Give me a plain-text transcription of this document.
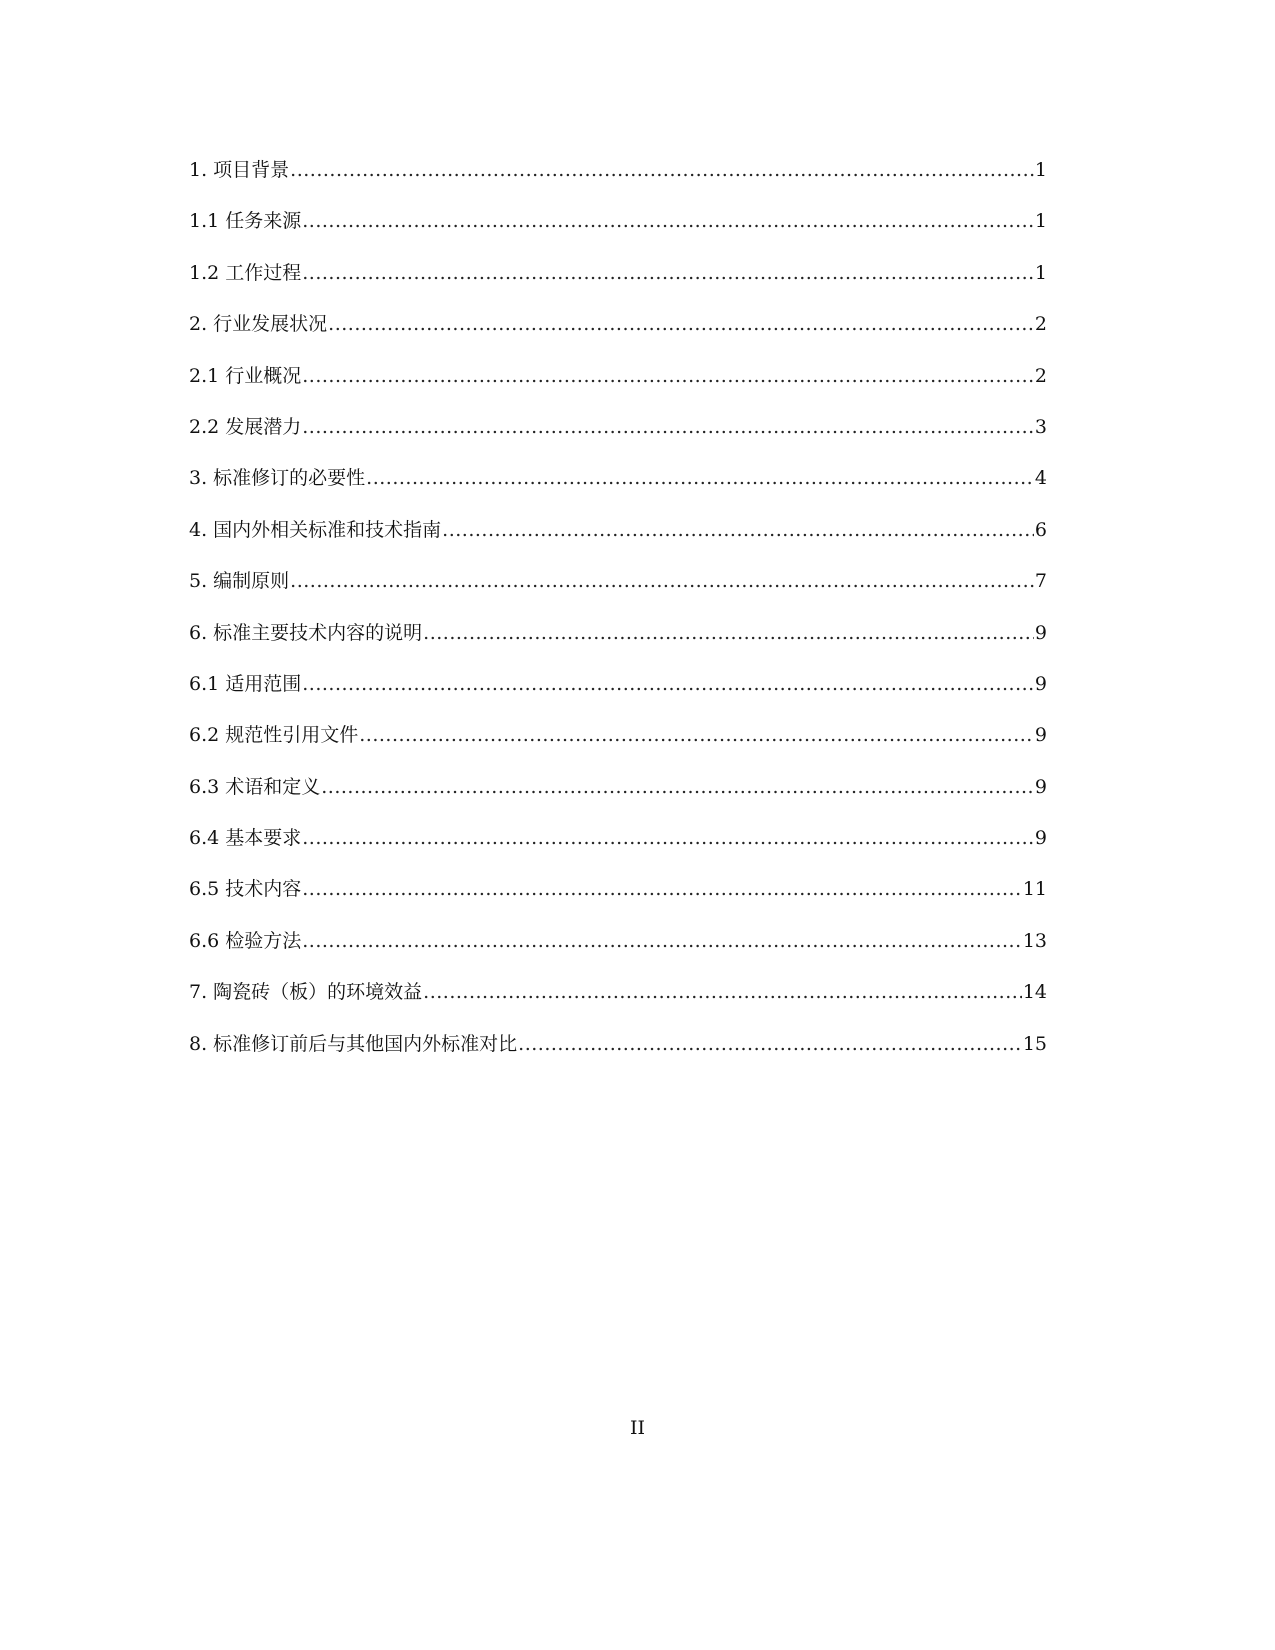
1. 项目背景 .....	1
1.1 任务来源 .....	1
1.2 工作过程 .....	1
2. 行业发展状况 .....	2
2.1 行业概况 .....	2
2.2 发展潜力 .....	3
3. 标准修订的必要性 .....	4
4. 国内外相关标准和技术指南 .....	6
5. 编制原则 .....	7
6. 标准主要技术内容的说明 .....	9
6.1 适用范围 .....	9
6.2 规范性引用文件 .....	9
6.3 术语和定义 .....	9
6.4 基本要求 .....	9
6.5 技术内容 .....	11
6.6 检验方法 .....	13
7. 陶瓷砖（板）的环境效益 .....	14
8. 标准修订前后与其他国内外标准对比 .....	15
II
